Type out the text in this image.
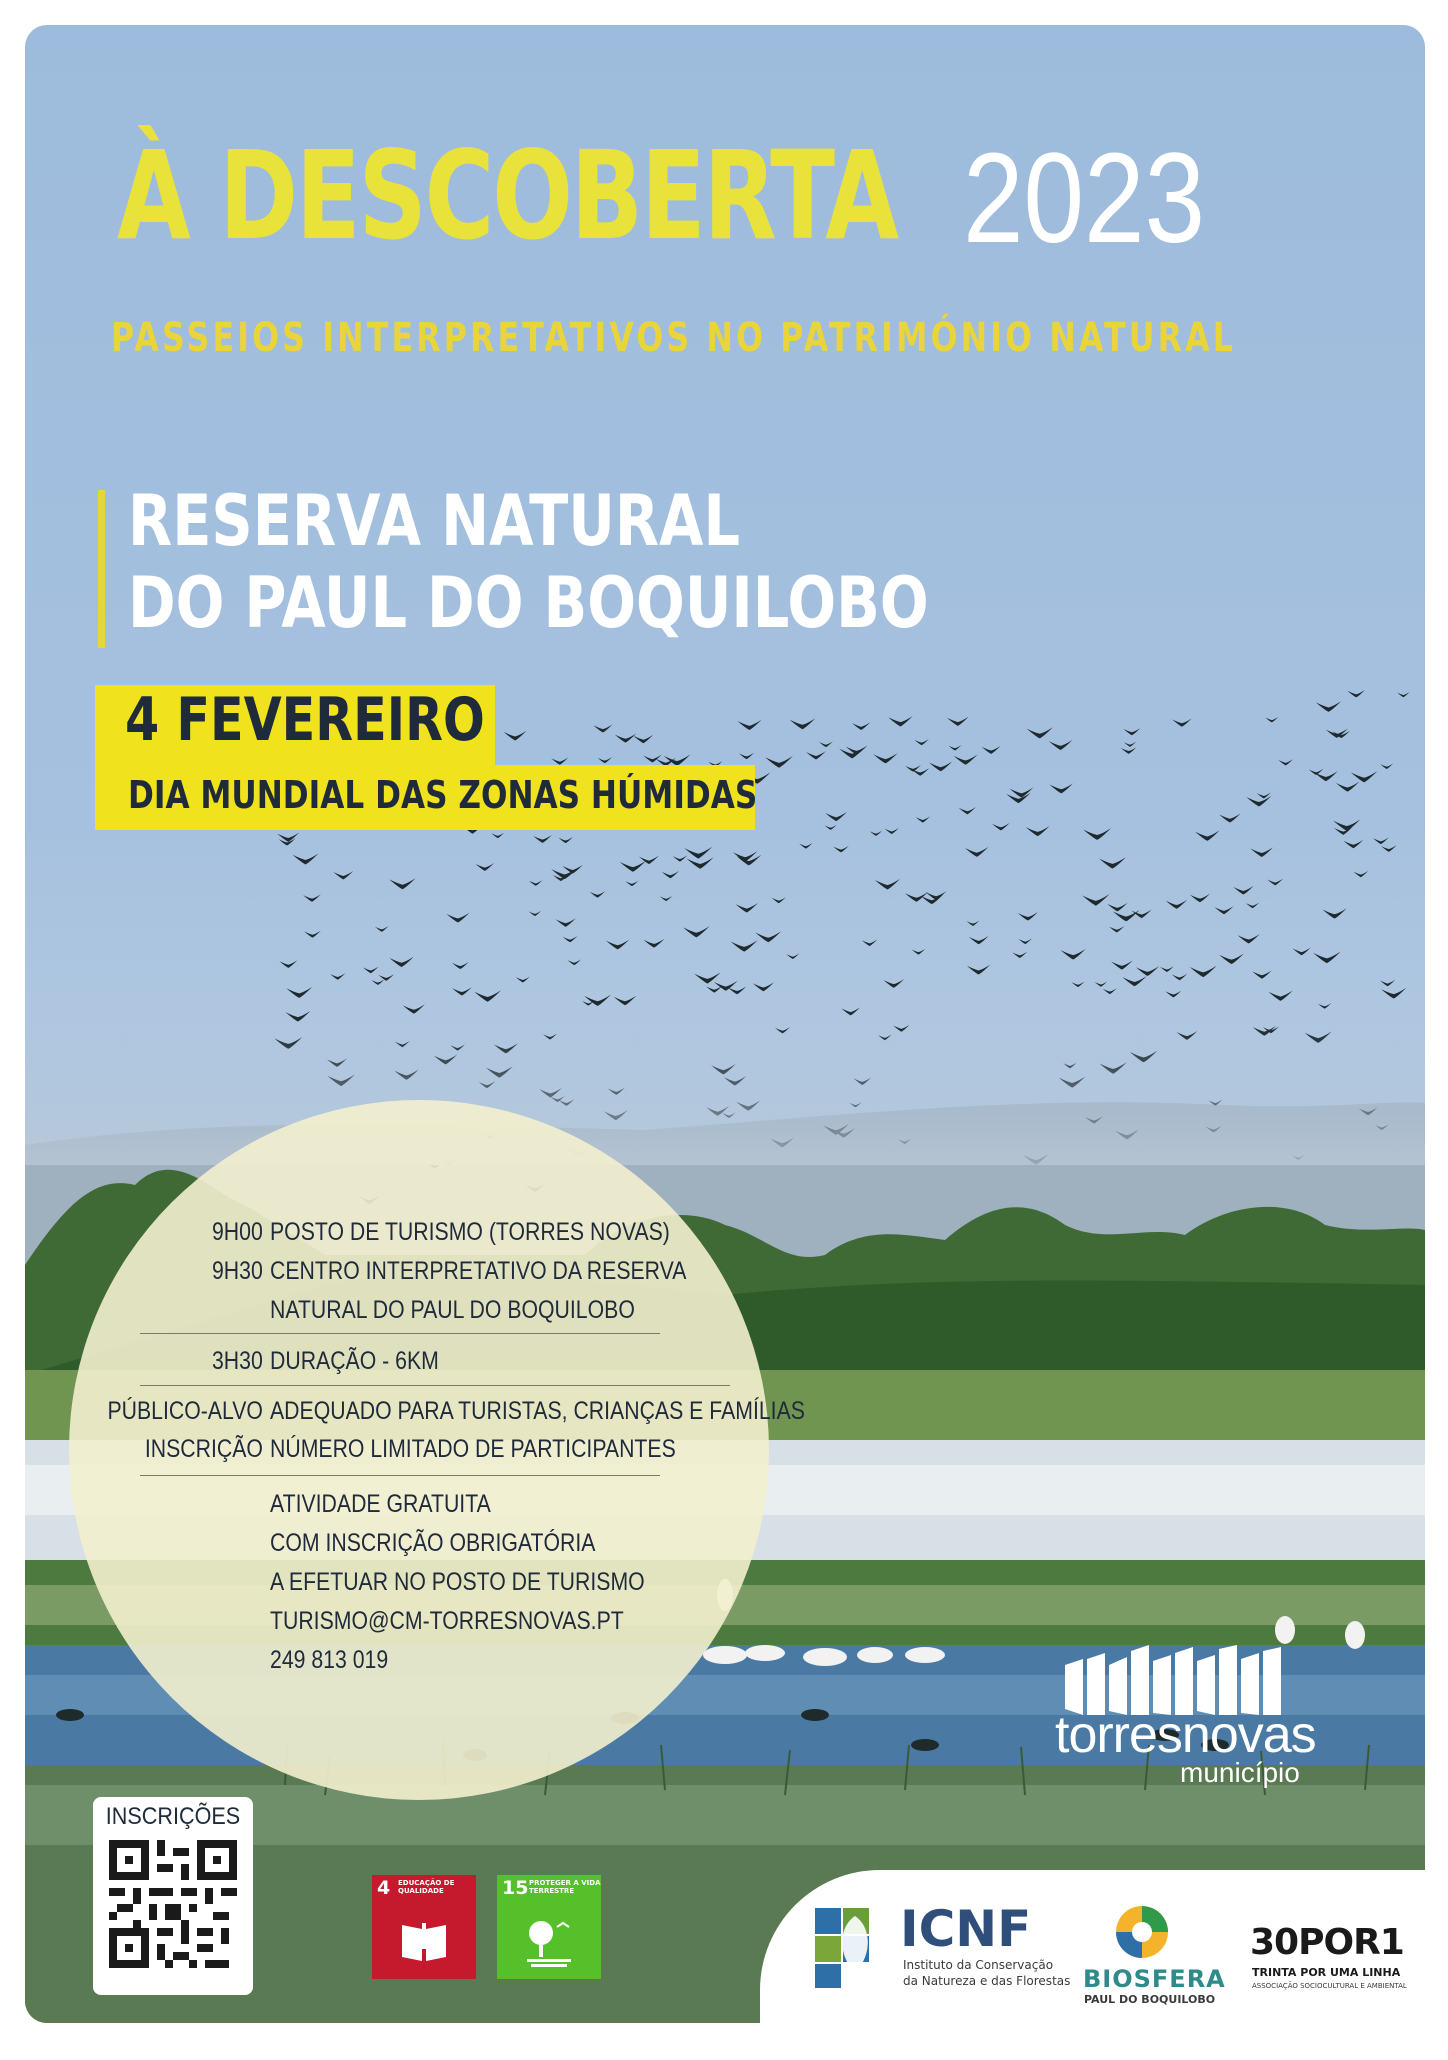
À DESCOBERTA 2023
PASSEIOS INTERPRETATIVOS NO PATRIMÓNIO NATURAL
RESERVA NATURAL
DO PAUL DO BOQUILOBO
4 FEVEREIRO
DIA MUNDIAL DAS ZONAS HÚMIDAS
9H00 POSTO DE TURISMO (TORRES NOVAS)
9H30 CENTRO INTERPRETATIVO DA RESERVA
NATURAL DO PAUL DO BOQUILOBO
3H30 DURAÇÃO - 6KM
PÚBLICO-ALVO ADEQUADO PARA TURISTAS, CRIANÇAS E FAMÍLIAS
INSCRIÇÃO NÚMERO LIMITADO DE PARTICIPANTES
ATIVIDADE GRATUITA
COM INSCRIÇÃO OBRIGATÓRIA
A EFETUAR NO POSTO DE TURISMO
TURISMO@CM-TORRESNOVAS.PT
249 813 019
torresnovas
município
INSCRIÇÕES
4 EDUCAÇÃO DE QUALIDADE	15 PROTEGER A VIDA TERRESTRE
ICNF
Instituto da Conservação
da Natureza e das Florestas BIOSFERA
PAUL DO BOQUILOBO
30POR1
TRINTA POR UMA LINHA
ASSOCIAÇÃO SOCIOCULTURAL E AMBIENTAL
